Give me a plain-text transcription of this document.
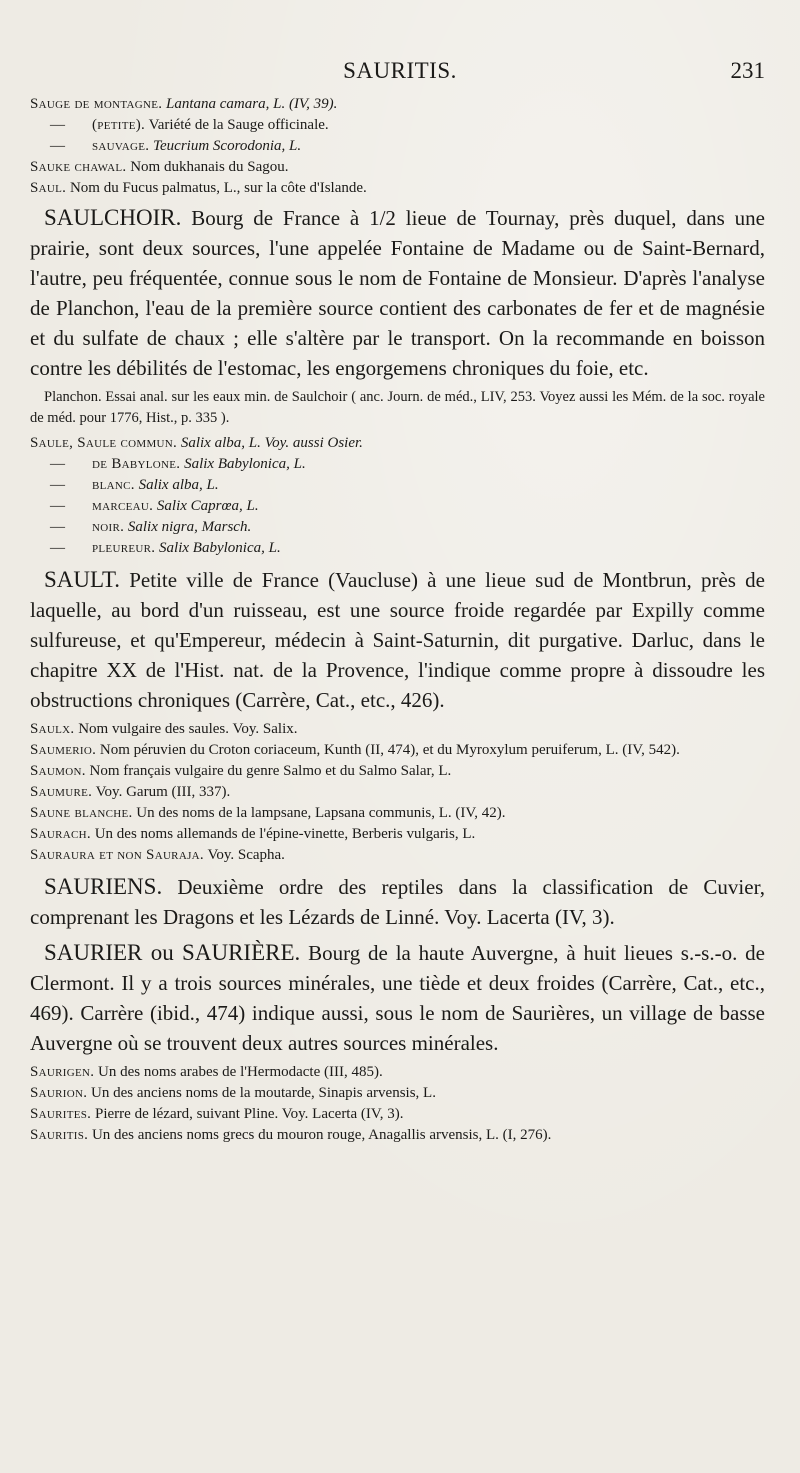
SAURITIS.	231

Sauge de montagne. Lantana camara, L. (IV, 39).

— (petite). Variété de la Sauge officinale.

— sauvage. Teucrium Scorodonia, L.

Sauke chawal. Nom dukhanais du Sagou.

Saul. Nom du Fucus palmatus, L., sur la côte d'Islande.

SAULCHOIR. Bourg de France à 1/2 lieue de Tournay, près duquel, dans une prairie, sont deux sources, l'une appelée Fontaine de Madame ou de Saint-Bernard, l'autre, peu fréquentée, connue sous le nom de Fontaine de Monsieur. D'après l'analyse de Planchon, l'eau de la première source contient des carbonates de fer et de magnésie et du sulfate de chaux ; elle s'altère par le transport. On la recommande en boisson contre les débilités de l'estomac, les engorgemens chroniques du foie, etc.

Planchon. Essai anal. sur les eaux min. de Saulchoir ( anc. Journ. de méd., LIV, 253. Voyez aussi les Mém. de la soc. royale de méd. pour 1776, Hist., p. 335 ).

Saule, Saule commun. Salix alba, L. Voy. aussi Osier.

— de Babylone. Salix Babylonica, L.

— blanc. Salix alba, L.

— marceau. Salix Caprœa, L.

— noir. Salix nigra, Marsch.

— pleureur. Salix Babylonica, L.

SAULT. Petite ville de France (Vaucluse) à une lieue sud de Montbrun, près de laquelle, au bord d'un ruisseau, est une source froide regardée par Expilly comme sulfureuse, et qu'Empereur, médecin à Saint-Saturnin, dit purgative. Darluc, dans le chapitre XX de l'Hist. nat. de la Provence, l'indique comme propre à dissoudre les obstructions chroniques (Carrère, Cat., etc., 426).

Saulx. Nom vulgaire des saules. Voy. Salix.

Saumerio. Nom péruvien du Croton coriaceum, Kunth (II, 474), et du Myroxylum peruiferum, L. (IV, 542).

Saumon. Nom français vulgaire du genre Salmo et du Salmo Salar, L.

Saumure. Voy. Garum (III, 337).

Saune blanche. Un des noms de la lampsane, Lapsana communis, L. (IV, 42).

Saurach. Un des noms allemands de l'épine-vinette, Berberis vulgaris, L.

Sauraura et non Sauraja. Voy. Scapha.

SAURIENS. Deuxième ordre des reptiles dans la classification de Cuvier, comprenant les Dragons et les Lézards de Linné. Voy. Lacerta (IV, 3).

SAURIER ou SAURIÈRE. Bourg de la haute Auvergne, à huit lieues s.-s.-o. de Clermont. Il y a trois sources minérales, une tiède et deux froides (Carrère, Cat., etc., 469). Carrère (ibid., 474) indique aussi, sous le nom de Saurières, un village de basse Auvergne où se trouvent deux autres sources minérales.

Saurigen. Un des noms arabes de l'Hermodacte (III, 485).

Saurion. Un des anciens noms de la moutarde, Sinapis arvensis, L.

Saurites. Pierre de lézard, suivant Pline. Voy. Lacerta (IV, 3).

Sauritis. Un des anciens noms grecs du mouron rouge, Anagallis arvensis, L. (I, 276).
